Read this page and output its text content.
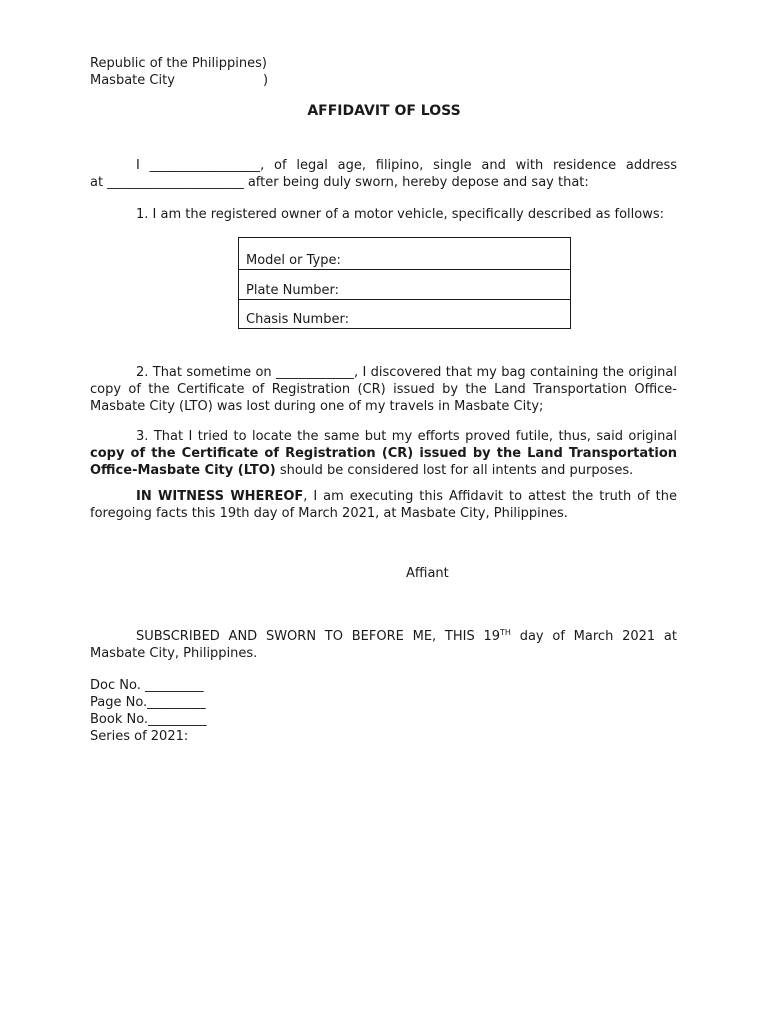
Republic of the Philippines)
Masbate City	)
AFFIDAVIT OF LOSS
I _________________, of legal age, filipino, single and with residence address
at _____________________ after being duly sworn, hereby depose and say that:
1. I am the registered owner of a motor vehicle, specifically described as follows:
Model or Type:
Plate Number:
Chasis Number:
2. That sometime on ____________, I discovered that my bag containing the original copy of the Certificate of Registration (CR) issued by the Land Transportation Office-Masbate City (LTO) was lost during one of my travels in Masbate City;
3. That I tried to locate the same but my efforts proved futile, thus, said original copy of the Certificate of Registration (CR) issued by the Land Transportation Office-Masbate City (LTO) should be considered lost for all intents and purposes.
IN WITNESS WHEREOF, I am executing this Affidavit to attest the truth of the foregoing facts this 19th day of March 2021, at Masbate City, Philippines.
Affiant
SUBSCRIBED AND SWORN TO BEFORE ME, THIS 19TH day of March 2021 at Masbate City, Philippines.
Doc No. _________
Page No._________
Book No._________
Series of 2021:
